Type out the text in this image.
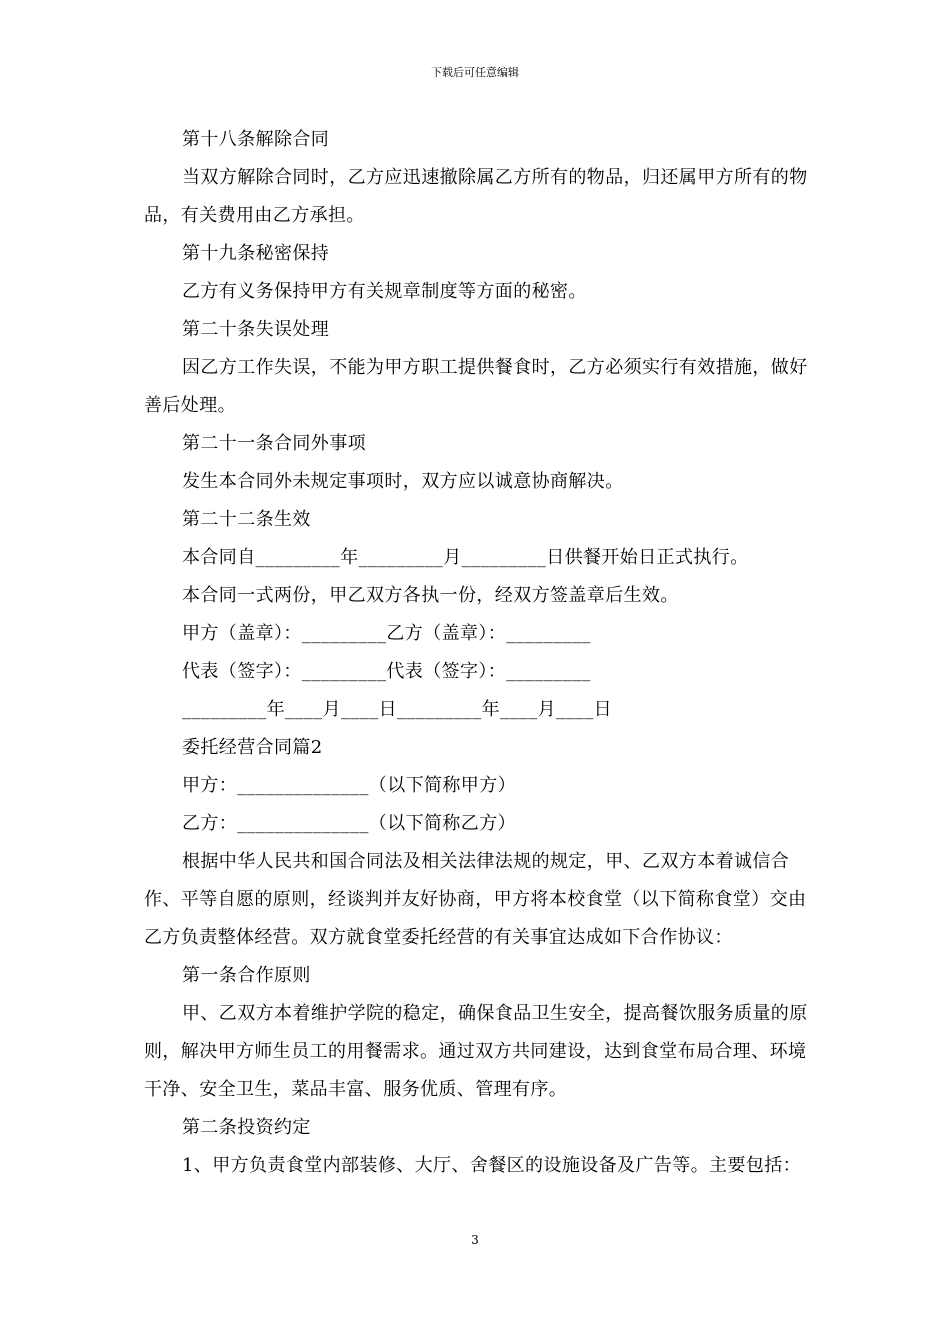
下载后可任意编辑

第十八条解除合同

当双方解除合同时，乙方应迅速撤除属乙方所有的物品，归还属甲方所有的物品，有关费用由乙方承担。

第十九条秘密保持

乙方有义务保持甲方有关规章制度等方面的秘密。

第二十条失误处理

因乙方工作失误，不能为甲方职工提供餐食时，乙方必须实行有效措施，做好善后处理。

第二十一条合同外事项

发生本合同外未规定事项时，双方应以诚意协商解决。

第二十二条生效

本合同自_________年_________月_________日供餐开始日正式执行。

本合同一式两份，甲乙双方各执一份，经双方签盖章后生效。

甲方（盖章）：_________乙方（盖章）：_________

代表（签字）：_________代表（签字）：_________

_________年____月____日_________年____月____日

委托经营合同篇2

甲方：______________（以下简称甲方）

乙方：______________（以下简称乙方）

根据中华人民共和国合同法及相关法律法规的规定，甲、乙双方本着诚信合作、平等自愿的原则，经谈判并友好协商，甲方将本校食堂（以下简称食堂）交由乙方负责整体经营。双方就食堂委托经营的有关事宜达成如下合作协议：

第一条合作原则

甲、乙双方本着维护学院的稳定，确保食品卫生安全，提高餐饮服务质量的原则，解决甲方师生员工的用餐需求。通过双方共同建设，达到食堂布局合理、环境干净、安全卫生，菜品丰富、服务优质、管理有序。

第二条投资约定

1、甲方负责食堂内部装修、大厅、舍餐区的设施设备及广告等。主要包括：

3
